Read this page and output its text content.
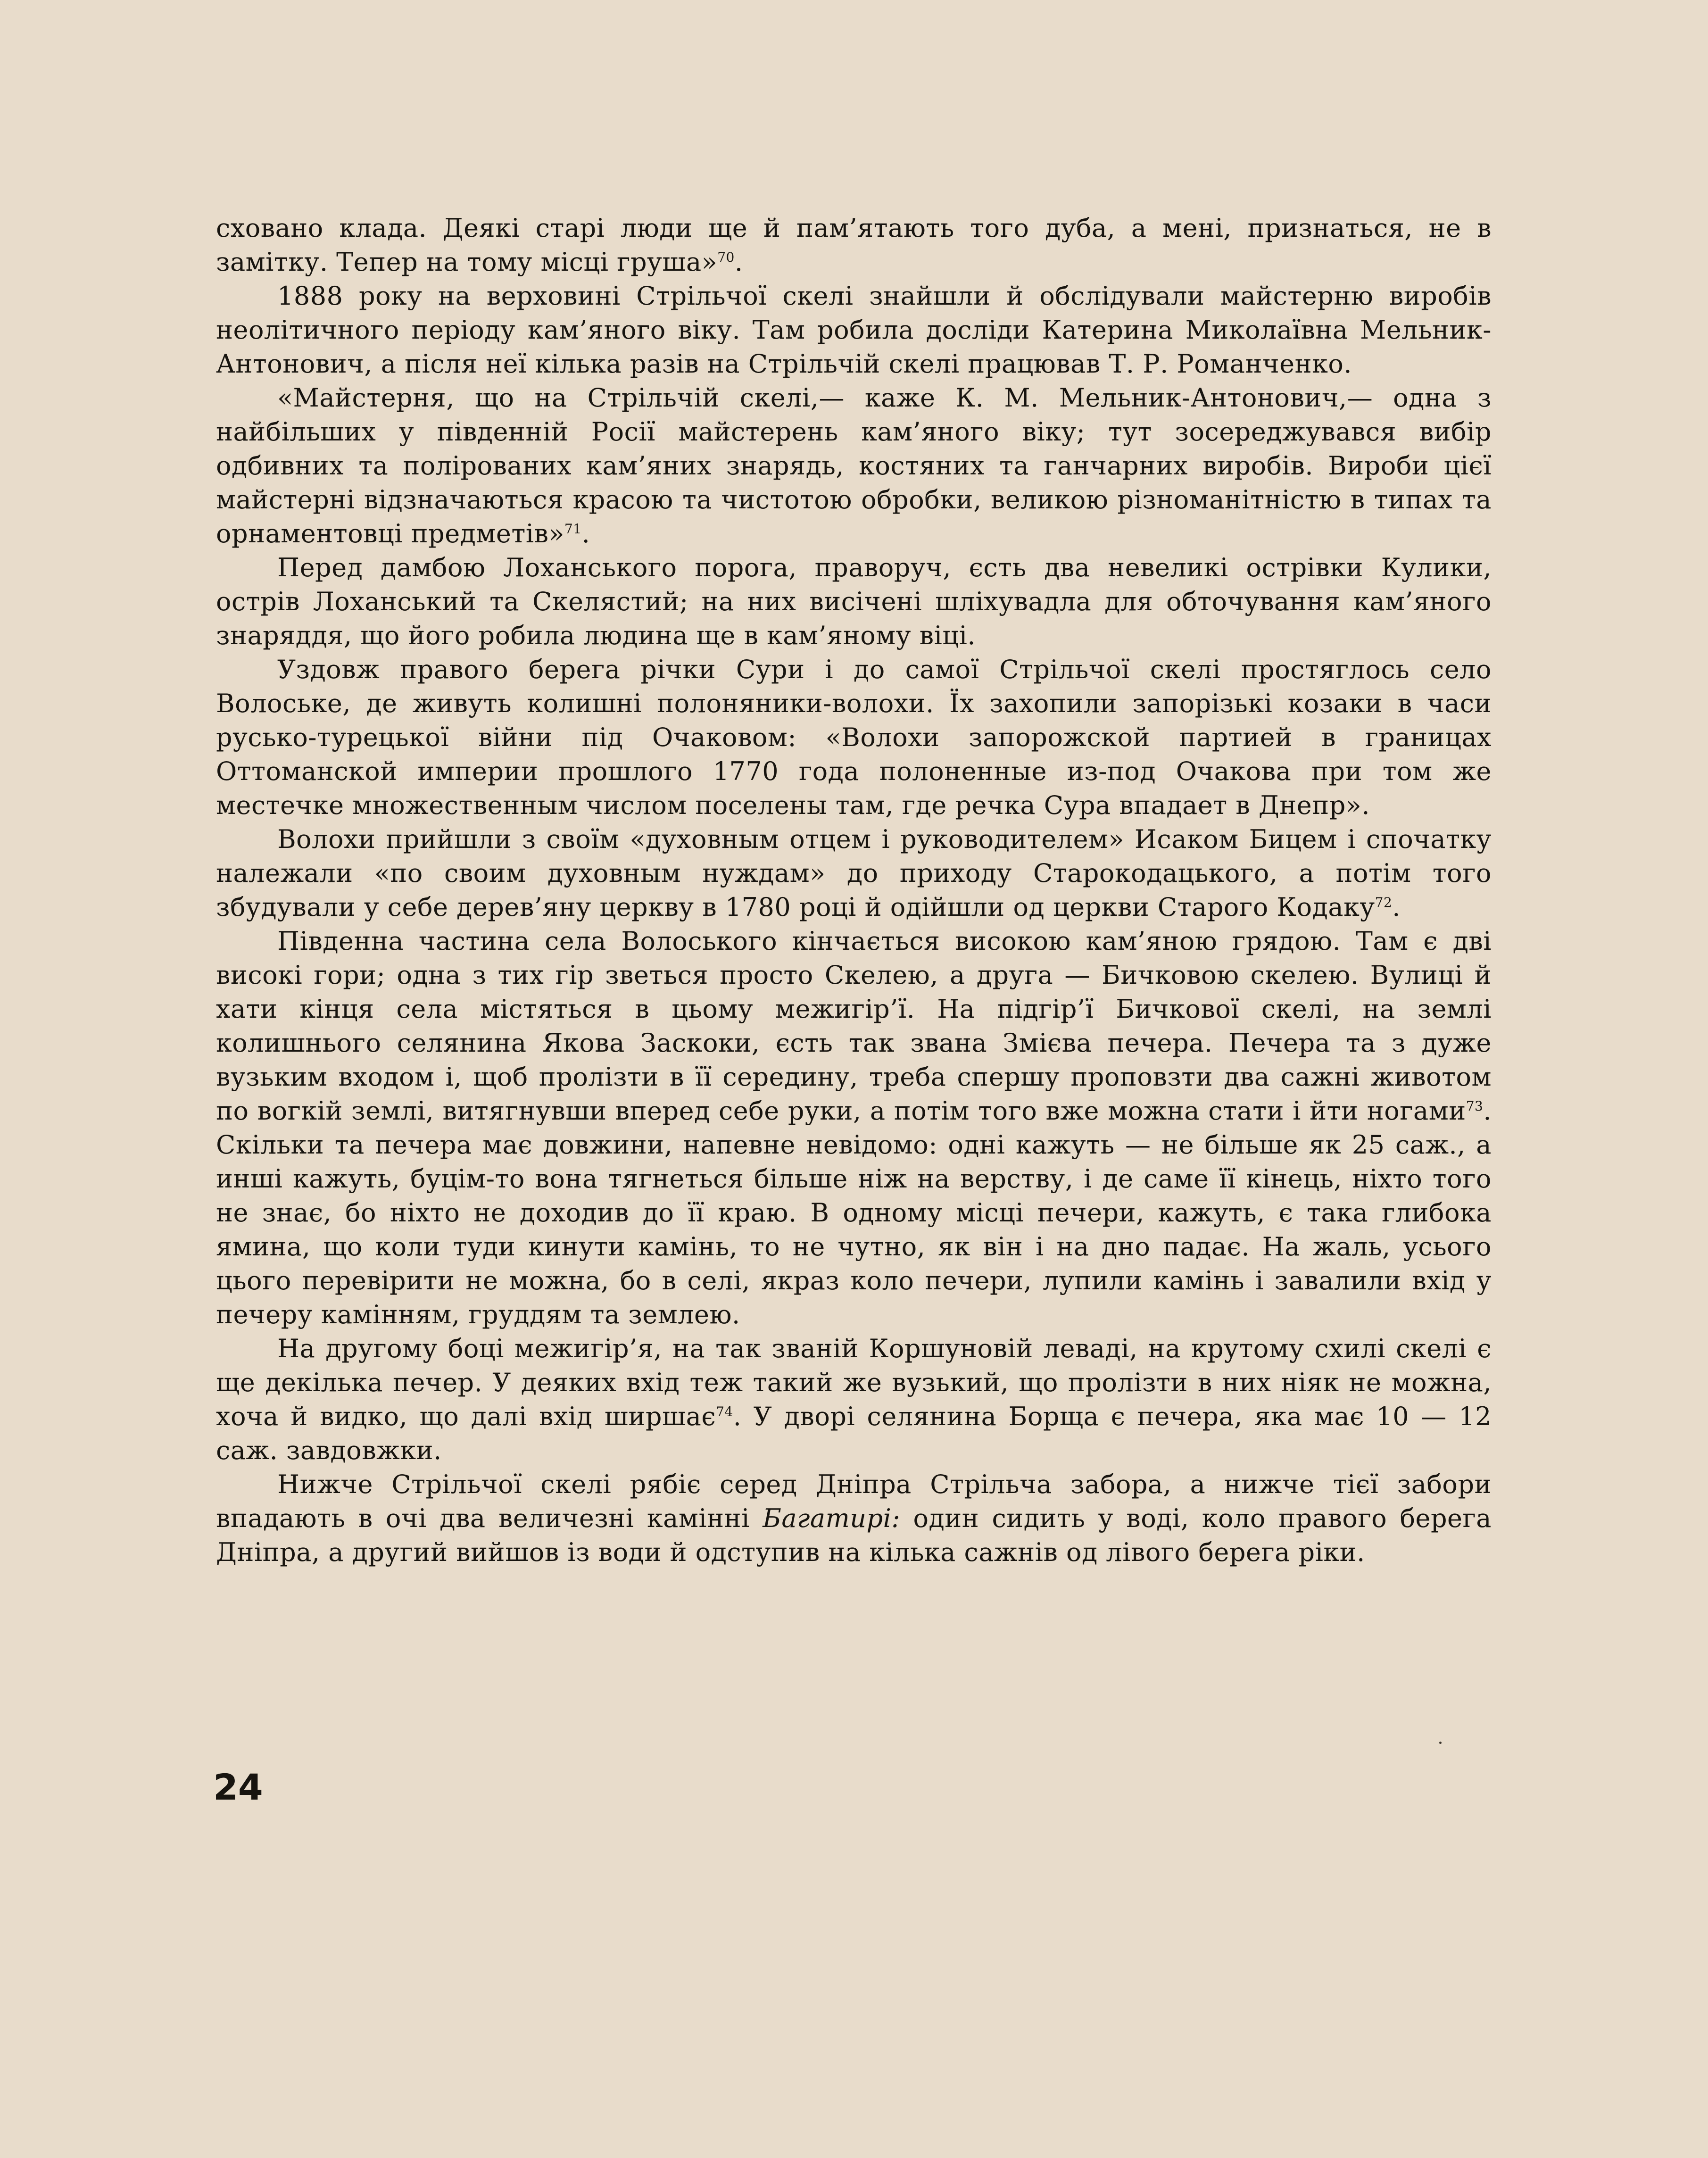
сховано клада. Деякі старі люди ще й пам’ятають того дуба, а мені, признаться, не в замітку. Тепер на тому місці груша»$^{70}$.

1888 року на верховині Стрільчої скелі знайшли й обслідували майстерню виробів неолітичного періоду кам’яного віку. Там робила досліди Катерина Миколаївна Мельник-Антонович, а після неї кілька разів на Стрільчій скелі працював Т. Р. Романченко.

«Майстерня, що на Стрільчій скелі,— каже К. М. Мельник-Антонович,— одна з найбільших у південній Росії майстерень кам’яного віку; тут зосереджувався вибір одбивних та полірованих кам’яних знарядь, костяних та ганчарних виробів. Вироби цієї майстерні відзначаються красою та чистотою обробки, великою різноманітністю в типах та орнаментовці предметів»$^{71}$.

Перед дамбою Лоханського порога, праворуч, єсть два невеликі острівки Кулики, острів Лоханський та Скелястий; на них висічені шліхувадла для обточування кам’яного знаряддя, що його робила людина ще в кам’яному віці.

Уздовж правого берега річки Сури і до самої Стрільчої скелі простяглось село Волоське, де живуть колишні полоняники-волохи. Їх захопили запорізькі козаки в часи русько-турецької війни під Очаковом: «Волохи запорожской партией в границах Оттоманской империи прошлого 1770 года полоненные из-под Очакова при том же местечке множественным числом поселены там, где речка Сура впадает в Днепр».

Волохи прийшли з своїм «духовным отцем і руководителем» Исаком Бицем і спочатку належали «по своим духовным нуждам» до приходу Старокодацького, а потім того збудували у себе дерев’яну церкву в 1780 році й одійшли од церкви Старого Кодаку$^{72}$.

Південна частина села Волоського кінчається високою кам’яною грядою. Там є дві високі гори; одна з тих гір зветься просто Скелею, а друга — Бичковою скелею. Вулиці й хати кінця села містяться в цьому межигір’ї. На підгір’ї Бичкової скелі, на землі колишнього селянина Якова Заскоки, єсть так звана Змієва печера. Печера та з дуже вузьким входом і, щоб пролізти в її середину, треба спершу проповзти два сажні животом по вогкій землі, витягнувши вперед себе руки, а потім того вже можна стати і йти ногами$^{73}$. Скільки та печера має довжини, напевне невідомо: одні кажуть — не більше як 25 саж., а инші кажуть, буцім-то вона тягнеться більше ніж на верству, і де саме її кінець, ніхто того не знає, бо ніхто не доходив до її краю. В одному місці печери, кажуть, є така глибока ямина, що коли туди кинути камінь, то не чутно, як він і на дно падає. На жаль, усього цього перевірити не можна, бо в селі, якраз коло печери, лупили камінь і завалили вхід у печеру камінням, груддям та землею.

На другому боці межигір’я, на так званій Коршуновій леваді, на крутому схилі скелі є ще декілька печер. У деяких вхід теж такий же вузький, що пролізти в них ніяк не можна, хоча й видко, що далі вхід ширшає$^{74}$. У дворі селянина Борща є печера, яка має 10 — 12 саж. завдовжки.

Нижче Стрільчої скелі рябіє серед Дніпра Стрільча забора, а нижче тієї забори впадають в очі два величезні камінні Багатирі: один сидить у воді, коло правого берега Дніпра, а другий вийшов із води й одступив на кілька сажнів од лівого берега ріки.

24
